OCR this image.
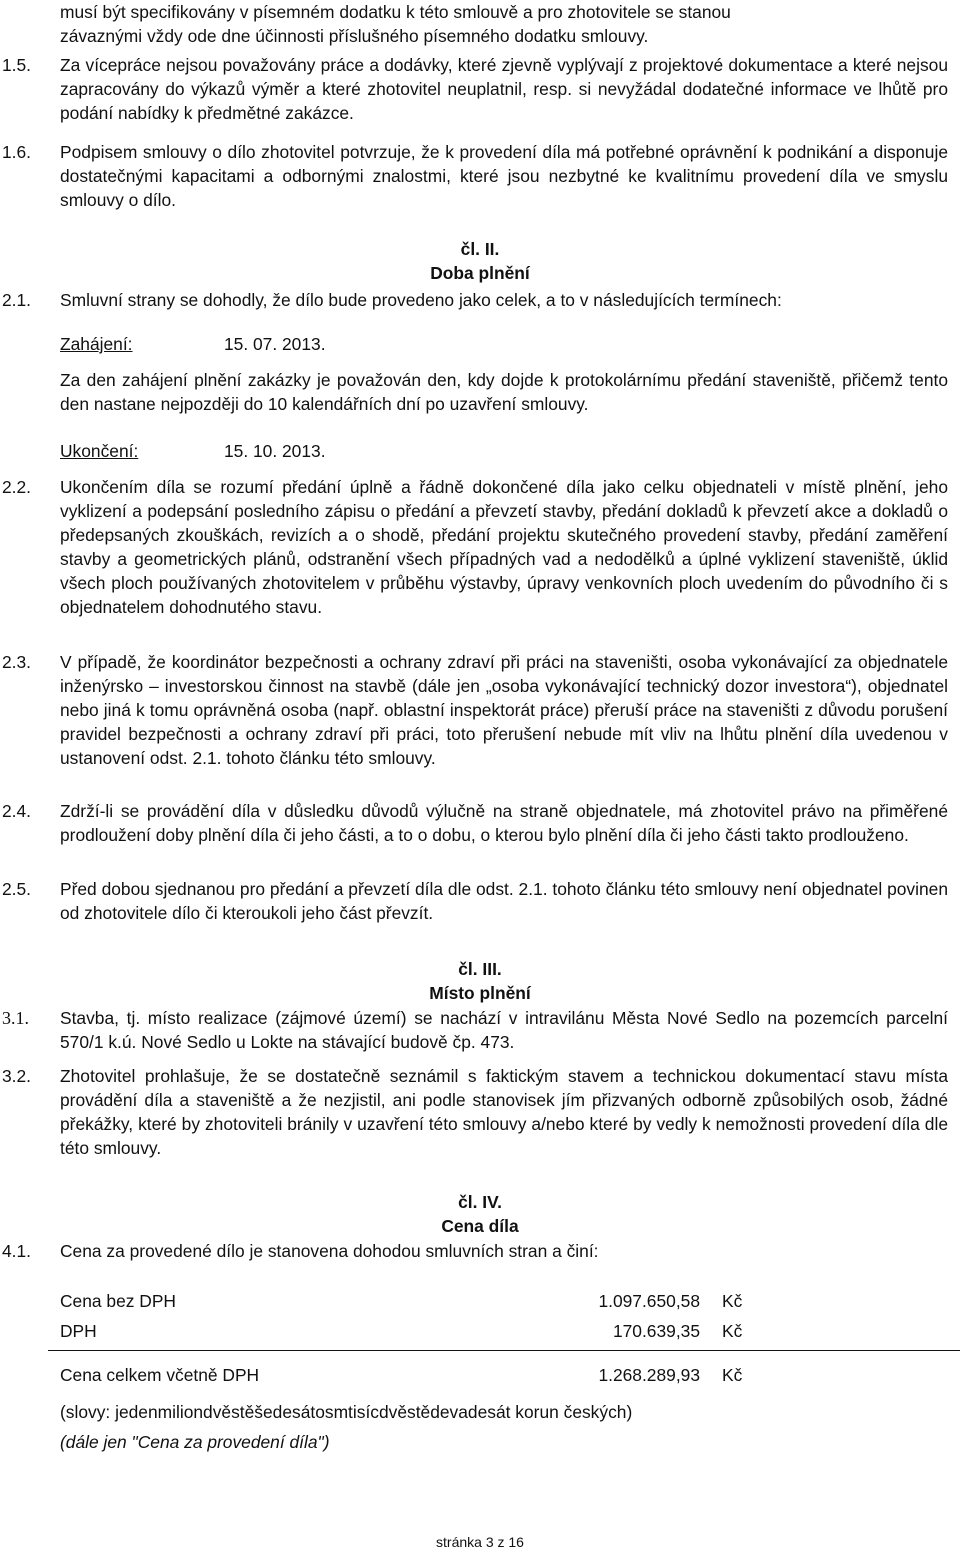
musí být specifikovány v písemném dodatku k této smlouvě a pro zhotovitele se stanou
závaznými vždy ode dne účinnosti příslušného písemného dodatku smlouvy.
1.5. Za vícepráce nejsou považovány práce a dodávky, které zjevně vyplývají z projektové dokumentace a které nejsou zapracovány do výkazů výměr a které zhotovitel neuplatnil, resp. si nevyžádal dodatečné informace ve lhůtě pro podání nabídky k předmětné zakázce.
1.6. Podpisem smlouvy o dílo zhotovitel potvrzuje, že k provedení díla má potřebné oprávnění k podnikání a disponuje dostatečnými kapacitami a odbornými znalostmi, které jsou nezbytné ke kvalitnímu provedení díla ve smyslu smlouvy o dílo.
čl. II.
Doba plnění
2.1. Smluvní strany se dohodly, že dílo bude provedeno jako celek, a to v následujících termínech:
Zahájení:	15. 07. 2013.
Za den zahájení plnění zakázky je považován den, kdy dojde k protokolárnímu předání staveniště, přičemž tento den nastane nejpozději do 10 kalendářních dní po uzavření smlouvy.
Ukončení:	15. 10. 2013.
2.2. Ukončením díla se rozumí předání úplně a řádně dokončené díla jako celku objednateli v místě plnění, jeho vyklizení a podepsání posledního zápisu o předání a převzetí stavby, předání dokladů k převzetí akce a dokladů o předepsaných zkouškách, revizích a o shodě, předání projektu skutečného provedení stavby, předání zaměření stavby a geometrických plánů, odstranění všech případných vad a nedodělků a úplné vyklizení staveniště, úklid všech ploch používaných zhotovitelem v průběhu výstavby, úpravy venkovních ploch uvedením do původního či s objednatelem dohodnutého stavu.
2.3. V případě, že koordinátor bezpečnosti a ochrany zdraví při práci na staveništi, osoba vykonávající za objednatele inženýrsko – investorskou činnost na stavbě (dále jen „osoba vykonávající technický dozor investora“), objednatel nebo jiná k tomu oprávněná osoba (např. oblastní inspektorát práce) přeruší práce na staveništi z důvodu porušení pravidel bezpečnosti a ochrany zdraví při práci, toto přerušení nebude mít vliv na lhůtu plnění díla uvedenou v ustanovení odst. 2.1. tohoto článku této smlouvy.
2.4. Zdrží-li se provádění díla v důsledku důvodů výlučně na straně objednatele, má zhotovitel právo na přiměřené prodloužení doby plnění díla či jeho části, a to o dobu, o kterou bylo plnění díla či jeho části takto prodlouženo.
2.5. Před dobou sjednanou pro předání a převzetí díla dle odst. 2.1. tohoto článku této smlouvy není objednatel povinen od zhotovitele dílo či kteroukoli jeho část převzít.
čl. III.
Místo plnění
3.1. Stavba, tj. místo realizace (zájmové území) se nachází v intravilánu Města Nové Sedlo na pozemcích parcelní 570/1 k.ú. Nové Sedlo u Lokte na stávající budově čp. 473.
3.2. Zhotovitel prohlašuje, že se dostatečně seznámil s faktickým stavem a technickou dokumentací stavu místa provádění díla a staveniště a že nezjistil, ani podle stanovisek jím přizvaných odborně způsobilých osob, žádné překážky, které by zhotoviteli bránily v uzavření této smlouvy a/nebo které by vedly k nemožnosti provedení díla dle této smlouvy.
čl. IV.
Cena díla
4.1. Cena za provedené dílo je stanovena dohodou smluvních stran a činí:
Cena bez DPH	1.097.650,58 Kč
DPH	170.639,35 Kč
Cena celkem včetně DPH	1.268.289,93 Kč
(slovy: jedenmiliondvěstěšedesátosmtisícdvěstědevadesát korun českých)
(dále jen "Cena za provedení díla")
stránka 3 z 16
